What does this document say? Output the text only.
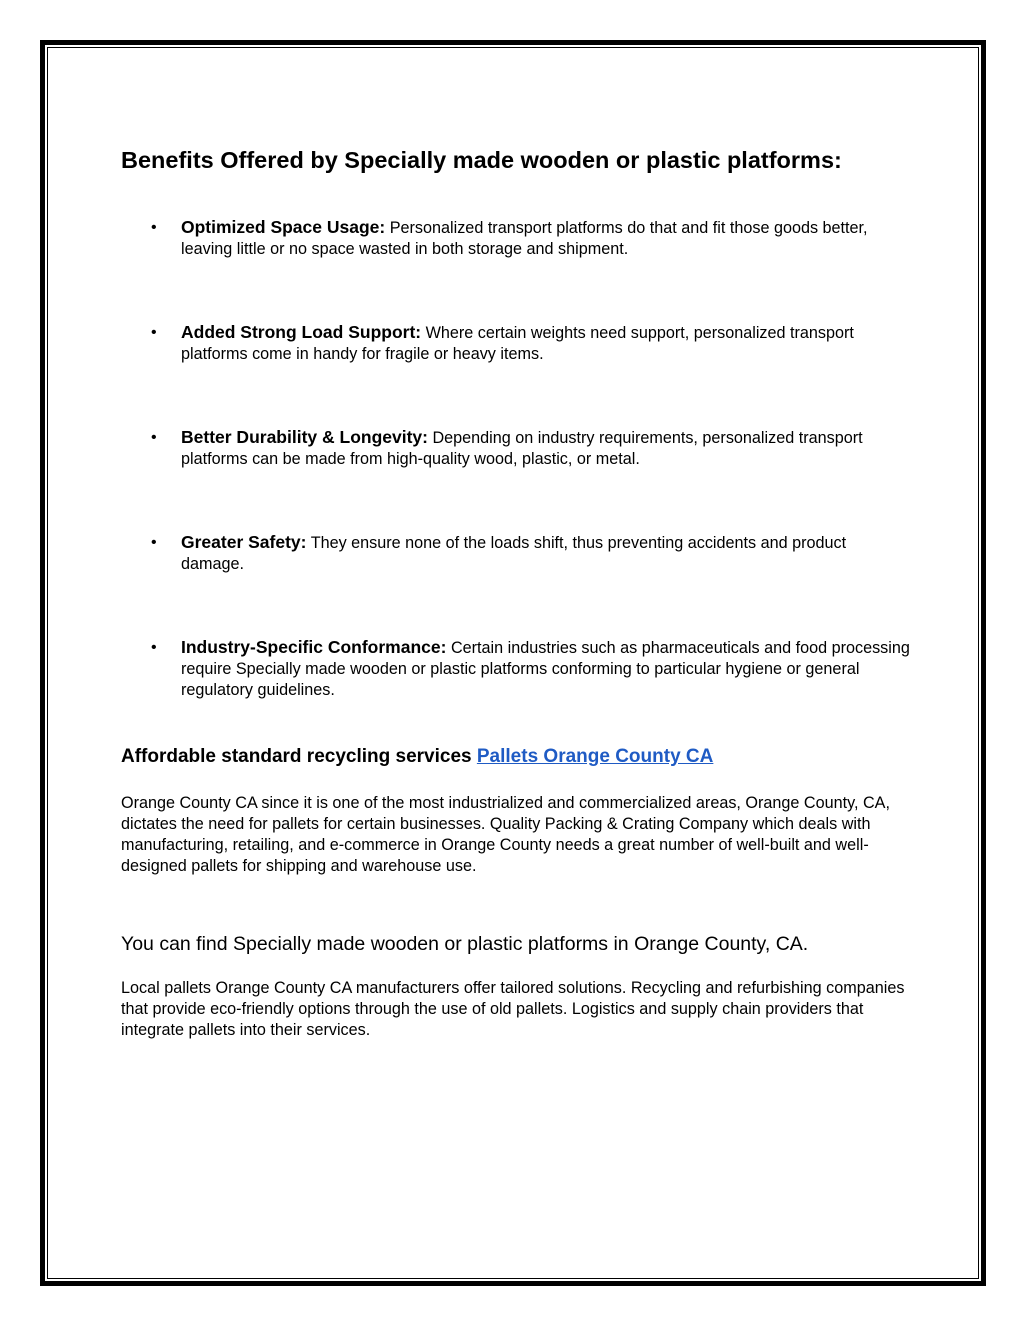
Benefits Offered by Specially made wooden or plastic platforms:
• Optimized Space Usage: Personalized transport platforms do that and fit those goods better, leaving little or no space wasted in both storage and shipment.
• Added Strong Load Support: Where certain weights need support, personalized transport platforms come in handy for fragile or heavy items.
• Better Durability & Longevity: Depending on industry requirements, personalized transport platforms can be made from high-quality wood, plastic, or metal.
• Greater Safety: They ensure none of the loads shift, thus preventing accidents and product damage.
• Industry-Specific Conformance: Certain industries such as pharmaceuticals and food processing require Specially made wooden or plastic platforms conforming to particular hygiene or general regulatory guidelines.
Affordable standard recycling services Pallets Orange County CA

Orange County CA since it is one of the most industrialized and commercialized areas, Orange County, CA, dictates the need for pallets for certain businesses. Quality Packing & Crating Company which deals with manufacturing, retailing, and e-commerce in Orange County needs a great number of well-built and well-designed pallets for shipping and warehouse use.

You can find Specially made wooden or plastic platforms in Orange County, CA.

Local pallets Orange County CA manufacturers offer tailored solutions. Recycling and refurbishing companies that provide eco-friendly options through the use of old pallets. Logistics and supply chain providers that integrate pallets into their services.
